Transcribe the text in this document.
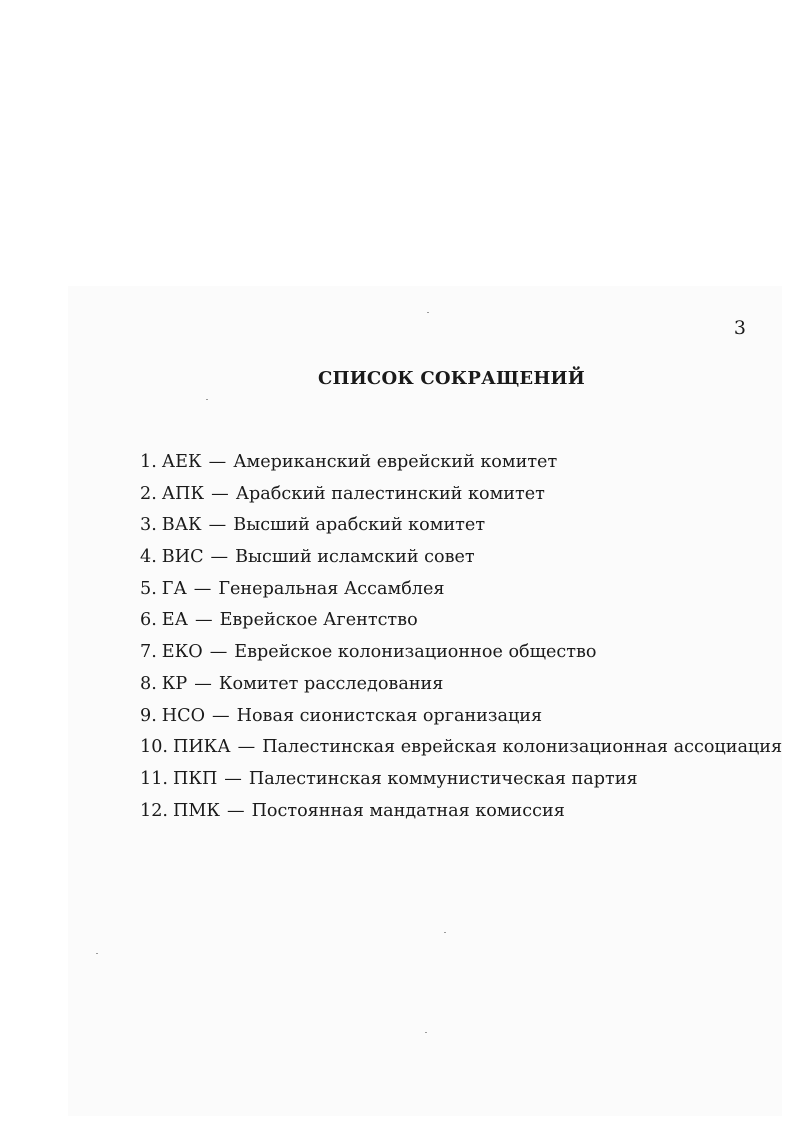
3
СПИСОК СОКРАЩЕНИЙ
1. АЕК — Американский еврейский комитет
2. АПК — Арабский палестинский комитет
3. ВАК — Высший арабский комитет
4. ВИС — Высший исламский совет
5. ГА — Генеральная Ассамблея
6. ЕА — Еврейское Агентство
7. ЕКО — Еврейское колонизационное общество
8. КР — Комитет расследования
9. НСО — Новая сионистская организация
10. ПИКА — Палестинская еврейская колонизационная ассоциация
11. ПКП — Палестинская коммунистическая партия
12. ПМК — Постоянная мандатная комиссия
